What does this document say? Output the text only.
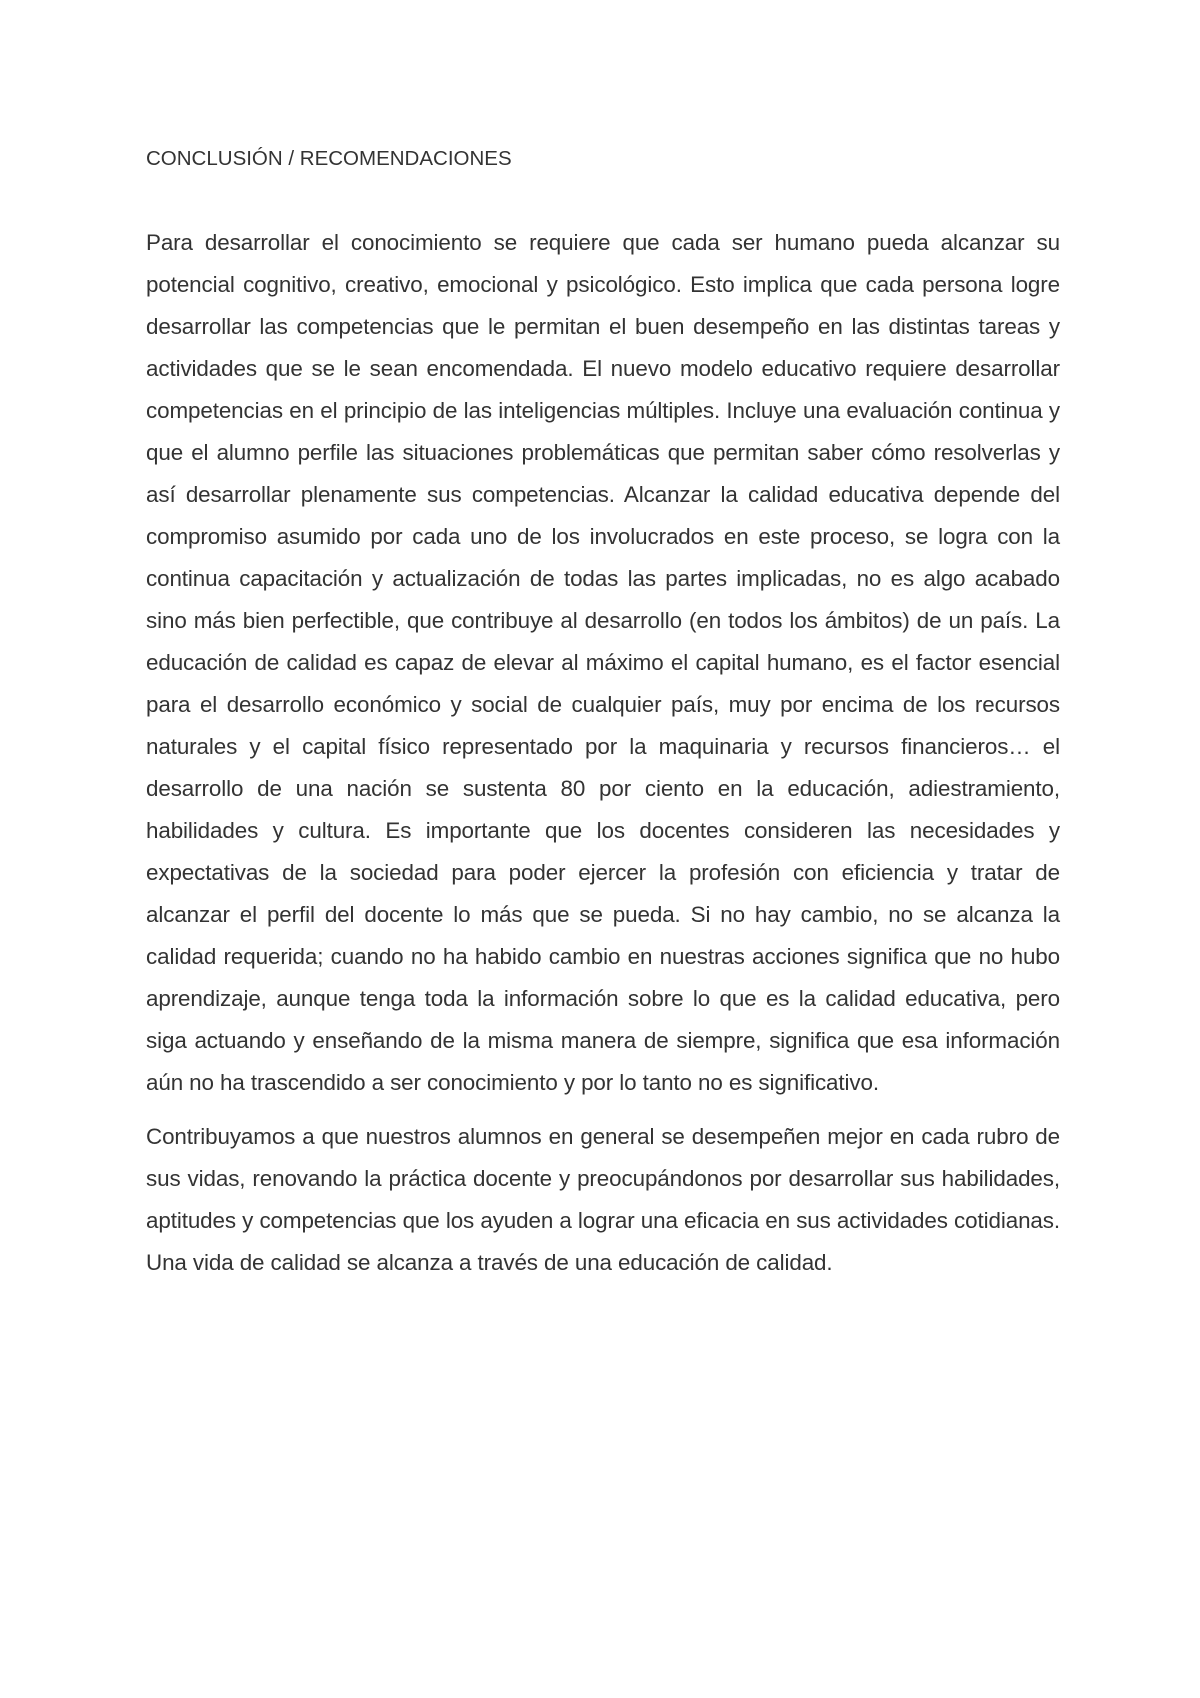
CONCLUSIÓN / RECOMENDACIONES

Para desarrollar el conocimiento se requiere que cada ser humano pueda alcanzar su potencial cognitivo, creativo, emocional y psicológico. Esto implica que cada persona logre desarrollar las competencias que le permitan el buen desempeño en las distintas tareas y actividades que se le sean encomendada. El nuevo modelo educativo requiere desarrollar competencias en el principio de las inteligencias múltiples. Incluye una evaluación continua y que el alumno perfile las situaciones problemáticas que permitan saber cómo resolverlas y así desarrollar plenamente sus competencias. Alcanzar la calidad educativa depende del compromiso asumido por cada uno de los involucrados en este proceso, se logra con la continua capacitación y actualización de todas las partes implicadas, no es algo acabado sino más bien perfectible, que contribuye al desarrollo (en todos los ámbitos) de un país. La educación de calidad es capaz de elevar al máximo el capital humano, es el factor esencial para el desarrollo económico y social de cualquier país, muy por encima de los recursos naturales y el capital físico representado por la maquinaria y recursos financieros… el desarrollo de una nación se sustenta 80 por ciento en la educación, adiestramiento, habilidades y cultura. Es importante que los docentes consideren las necesidades y expectativas de la sociedad para poder ejercer la profesión con eficiencia y tratar de alcanzar el perfil del docente lo más que se pueda. Si no hay cambio, no se alcanza la calidad requerida; cuando no ha habido cambio en nuestras acciones significa que no hubo aprendizaje, aunque tenga toda la información sobre lo que es la calidad educativa, pero siga actuando y enseñando de la misma manera de siempre, significa que esa información aún no ha trascendido a ser conocimiento y por lo tanto no es significativo.

Contribuyamos a que nuestros alumnos en general se desempeñen mejor en cada rubro de sus vidas, renovando la práctica docente y preocupándonos por desarrollar sus habilidades, aptitudes y competencias que los ayuden a lograr una eficacia en sus actividades cotidianas. Una vida de calidad se alcanza a través de una educación de calidad.
